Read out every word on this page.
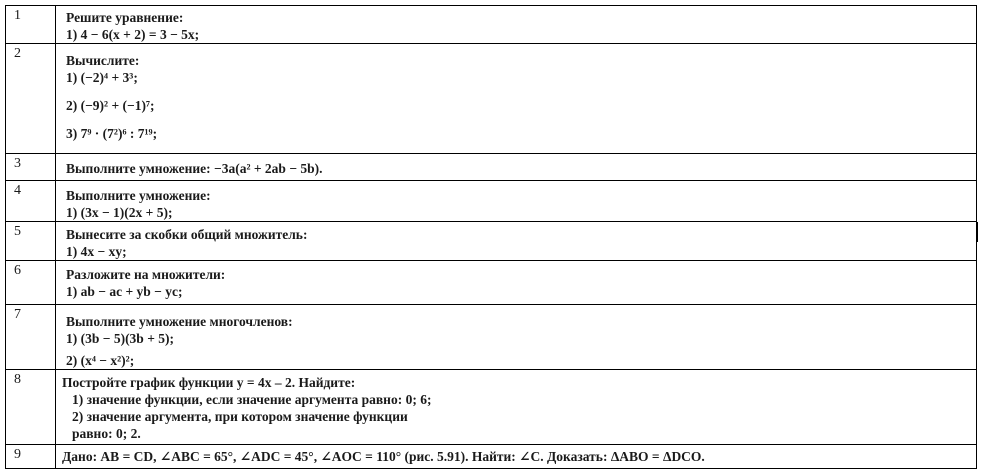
1	Решите уравнение:
1) 4 − 6(x + 2) = 3 − 5x;

2	Вычислите:
1) (−2)⁴ + 3³;
2) (−9)² + (−1)⁷;
3) 7⁹ · (7²)⁶ : 7¹⁹;

3	Выполните умножение: −3a(a² + 2ab − 5b).

4	Выполните умножение:
1) (3x − 1)(2x + 5);

5	Вынесите за скобки общий множитель:
1) 4x − xy;

6	Разложите на множители:
1) ab − ac + yb − yc;

7	Выполните умножение многочленов:
1) (3b − 5)(3b + 5);
2) (x⁴ − x²)²;

8	Постройте график функции y = 4x – 2. Найдите:
1) значение функции, если значение аргумента равно: 0; 6;
2) значение аргумента, при котором значение функции
равно: 0; 2.

9	Дано: AB = CD, ∠ABC = 65°, ∠ADC = 45°, ∠AOC = 110° (рис. 5.91). Найти: ∠C. Доказать: ΔABO = ΔDCO.
